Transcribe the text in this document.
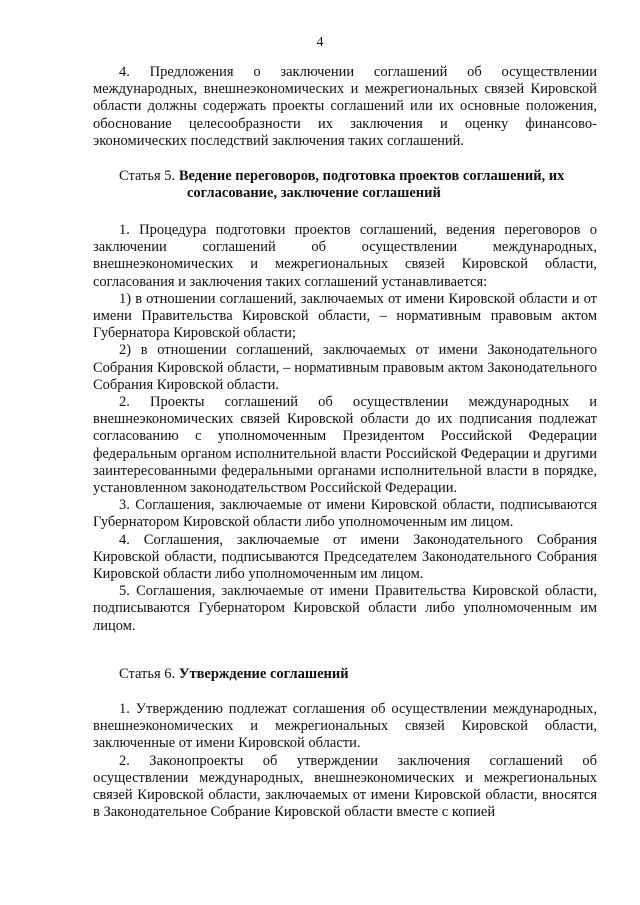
4

4. Предложения о заключении соглашений об осуществлении международных, внешнеэкономических и межрегиональных связей Кировской области должны содержать проекты соглашений или их основные положения, обоснование целесообразности их заключения и оценку финансово-экономических последствий заключения таких соглашений.

Статья 5. Ведение переговоров, подготовка проектов соглашений, их

согласование, заключение соглашений

1. Процедура подготовки проектов соглашений, ведения переговоров о заключении соглашений об осуществлении международных, внешнеэкономических и межрегиональных связей Кировской области, согласования и заключения таких соглашений устанавливается:

1) в отношении соглашений, заключаемых от имени Кировской области и от имени Правительства Кировской области, – нормативным правовым актом Губернатора Кировской области;

2) в отношении соглашений, заключаемых от имени Законодательного Собрания Кировской области, – нормативным правовым актом Законодательного Собрания Кировской области.

2. Проекты соглашений об осуществлении международных и внешнеэкономических связей Кировской области до их подписания подлежат согласованию с уполномоченным Президентом Российской Федерации федеральным органом исполнительной власти Российской Федерации и другими заинтересованными федеральными органами исполнительной власти в порядке, установленном законодательством Российской Федерации.

3. Соглашения, заключаемые от имени Кировской области, подписываются Губернатором Кировской области либо уполномоченным им лицом.

4. Соглашения, заключаемые от имени Законодательного Собрания Кировской области, подписываются Председателем Законодательного Собрания Кировской области либо уполномоченным им лицом.

5. Соглашения, заключаемые от имени Правительства Кировской области, подписываются Губернатором Кировской области либо уполномоченным им лицом.

Статья 6. Утверждение соглашений

1. Утверждению подлежат соглашения об осуществлении международных, внешнеэкономических и межрегиональных связей Кировской области, заключенные от имени Кировской области.

2. Законопроекты об утверждении заключения соглашений об осуществлении международных, внешнеэкономических и межрегиональных связей Кировской области, заключаемых от имени Кировской области, вносятся в Законодательное Собрание Кировской области вместе с копией
